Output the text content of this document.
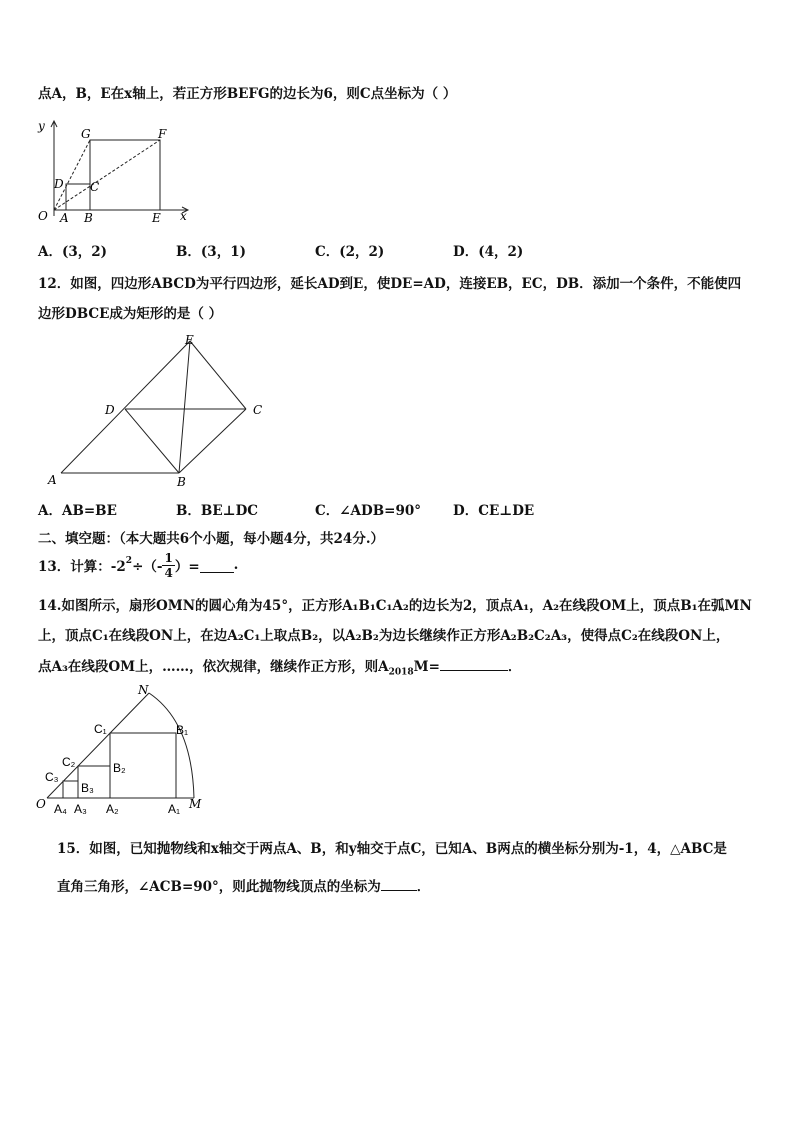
点A，B，E在x轴上，若正方形BEFG的边长为6，则C点坐标为（ ）
y
x
O A B	E
G	F
D C
A．(3，2)	B．(3，1)	C．(2，2)	D．(4，2)
12．如图，四边形ABCD为平行四边形，延长AD到E，使DE=AD，连接EB，EC，DB．添加一个条件，不能使四
边形DBCE成为矩形的是（ ）
E
D	C
A	B
A．AB=BE	B．BE⊥DC	C．∠ADB=90° D．CE⊥DE
二、填空题：（本大题共6个小题，每小题4分，共24分.）
13．计算：$-2^2$ ÷（- $\frac{1}{4}$ ）=	.
14.如图所示，扇形OMN的圆心角为45°，正方形A₁B₁C₁A₂的边长为2，顶点A₁，A₂在线段OM上，顶点B₁在弧MN
上，顶点C₁在线段ON上，在边A₂C₁上取点B₂，以A₂B₂为边长继续作正方形A₂B₂C₂A₃，使得点C₂在线段ON上，
点A₃在线段OM上，……，依次规律，继续作正方形，则$A_{2018}M=$	．
N
O	M
C₁	B₁
C₂	B₂
C₃
B₃
A₄ A₃ A₂	A₁
15．如图，已知抛物线和x轴交于两点A、B，和y轴交于点C，已知A、B两点的横坐标分别为-1，4，△ABC是
直角三角形，∠ACB=90°，则此抛物线顶点的坐标为	．
